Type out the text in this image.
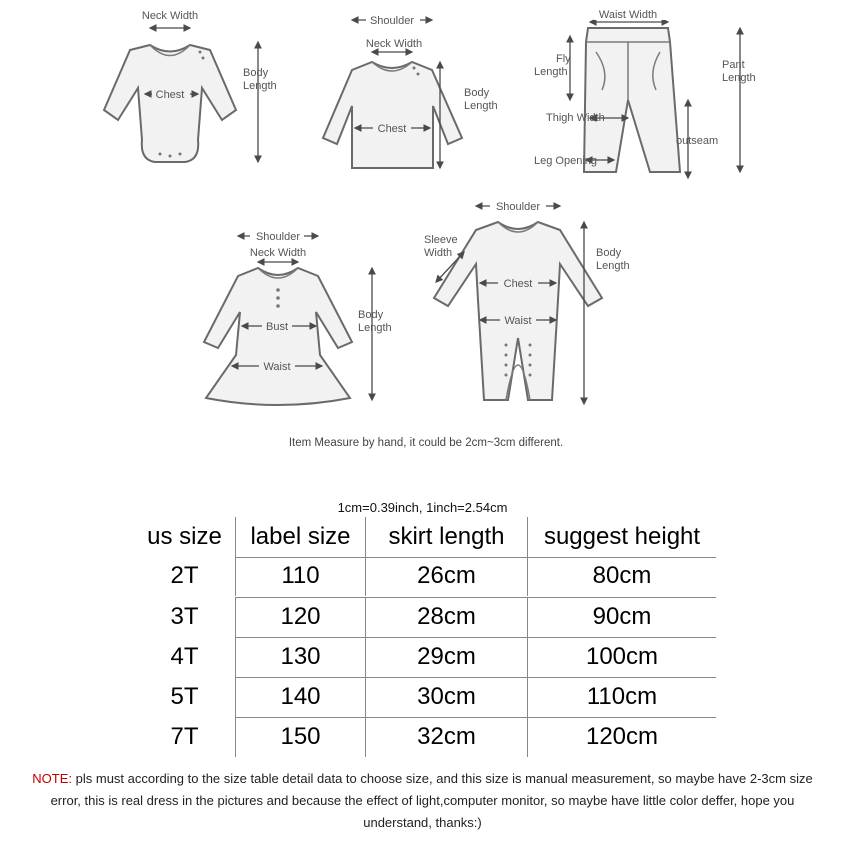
Neck Width
Chest
Body
Length
Shoulder
Neck Width
Chest
Body
Length
Waist Width
Fly
Length
Thigh Width
Leg Opening
Pant
Length
outseam
Shoulder
Neck Width
Bust
Waist
Body
Length
Shoulder
Sleeve
Width
Chest
Waist
Body
Length
Item Measure by hand, it could be 2cm~3cm different.
1cm=0.39inch, 1inch=2.54cm
us size	label size	skirt length	suggest height
2T	110	26cm	80cm
3T	120	28cm	90cm
4T	130	29cm	100cm
5T	140	30cm	110cm
7T	150	32cm	120cm
NOTE: pls must according to the size table detail data to choose size, and this size is manual measurement, so maybe have 2-3cm size error, this is real dress in the pictures and because the effect of light,computer monitor, so maybe have little color deffer, hope you understand, thanks:)
